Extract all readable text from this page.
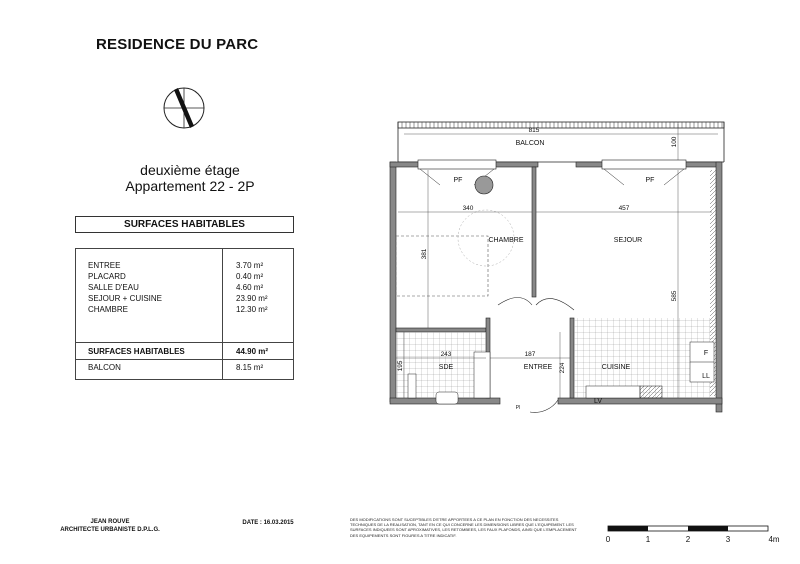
RESIDENCE DU PARC
deuxième étage
Appartement 22 - 2P
SURFACES HABITABLES
ENTREE	3.70 m²
PLACARD	0.40 m²
SALLE D'EAU	4.60 m²
SEJOUR + CUISINE	23.90 m²
CHAMBRE	12.30 m²
SURFACES HABITABLES	44.90 m²
BALCON	8.15 m²
BALCON
CHAMBRE	SEJOUR
SDE	ENTREE	CUISINE
PF	PF
LV
F
LL
Pl
815
340	457
243	187
100
381
585
195	224
JEAN ROUVE
ARCHITECTE URBANISTE D.P.L.G.
DATE : 16.03.2015
DES MODIFICATIONS SONT SUCEPTIBLES D'ETRE APPORTEES A CE PLAN EN FONCTION DES NECESSITES TECHNIQUES DE LA REALISATION, TANT EN CE QUI CONCERNE LES DIMENSIONS LIBRES QUE L'EQUIPEMENT. LES SURFACES INDIQUEES SONT APROXIMATIVES, LES RETOMBEES, LES FAUX PLAFONDS, AINSI QUE L'EMPLACEMENT DES EQUIPEMENTS SONT FIGURES A TITRE INDICATIF.	0	1	2	3	4m
